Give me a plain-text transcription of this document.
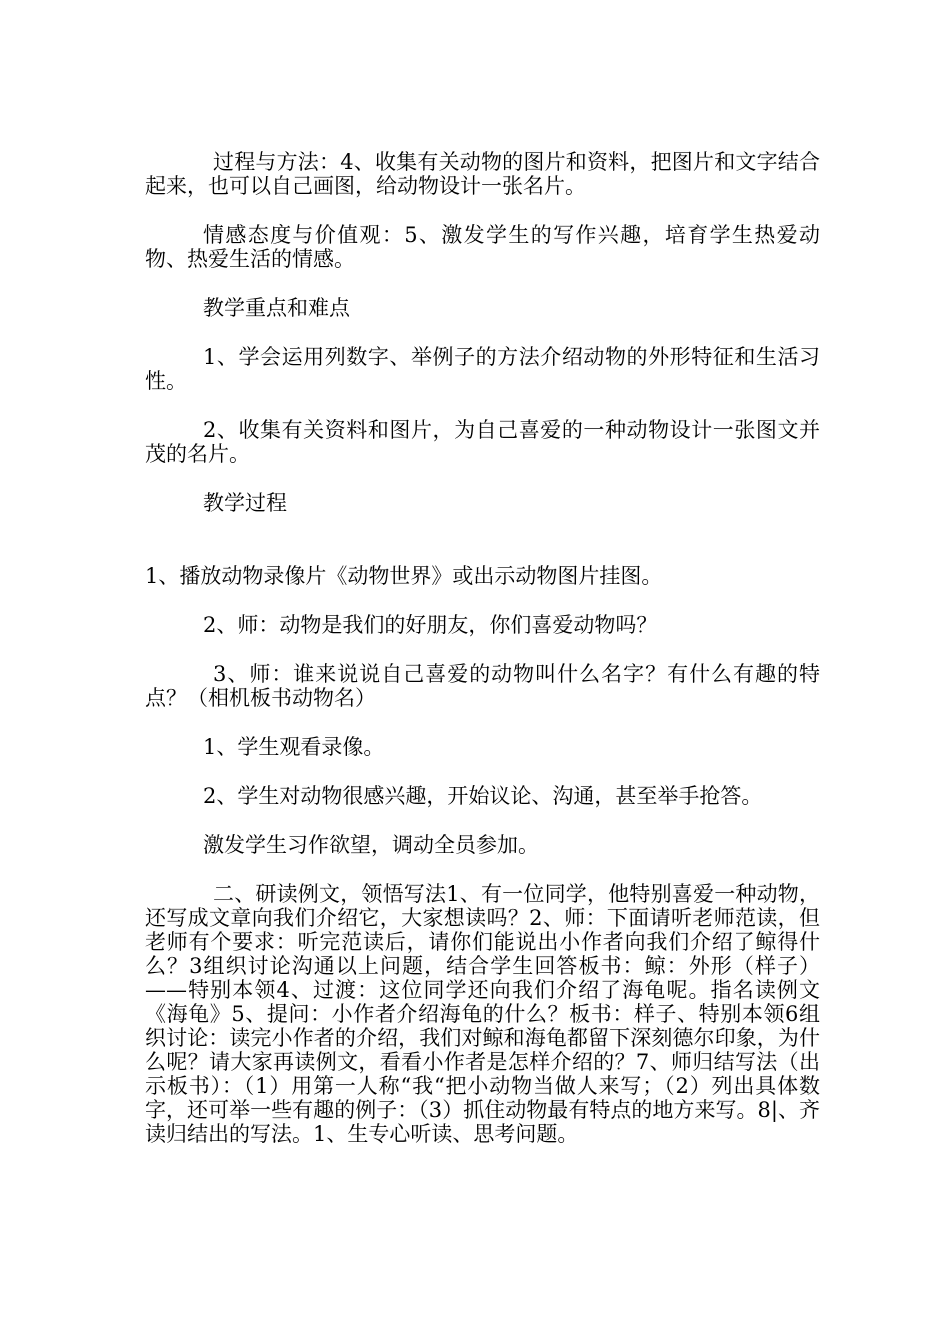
过程与方法：4、收集有关动物的图片和资料，把图片和文字结合起来，也可以自己画图，给动物设计一张名片。

情感态度与价值观：5、激发学生的写作兴趣，培育学生热爱动物、热爱生活的情感。

教学重点和难点

1、学会运用列数字、举例子的方法介绍动物的外形特征和生活习性。

2、收集有关资料和图片，为自己喜爱的一种动物设计一张图文并茂的名片。

教学过程

1、播放动物录像片《动物世界》或出示动物图片挂图。

2、师：动物是我们的好朋友，你们喜爱动物吗？

3、师：谁来说说自己喜爱的动物叫什么名字？有什么有趣的特点？（相机板书动物名）

1、学生观看录像。

2、学生对动物很感兴趣，开始议论、沟通，甚至举手抢答。

激发学生习作欲望，调动全员参加。

二、研读例文，领悟写法1、有一位同学，他特别喜爱一种动物，还写成文章向我们介绍它，大家想读吗？2、师：下面请听老师范读，但老师有个要求：听完范读后，请你们能说出小作者向我们介绍了鲸得什么？3组织讨论沟通以上问题，结合学生回答板书：鲸：外形（样子）——特别本领4、过渡：这位同学还向我们介绍了海龟呢。指名读例文《海龟》5、提问：小作者介绍海龟的什么？板书：样子、特别本领6组织讨论：读完小作者的介绍，我们对鲸和海龟都留下深刻德尔印象，为什么呢？请大家再读例文，看看小作者是怎样介绍的？7、师归结写法（出示板书）：（1）用第一人称“我“把小动物当做人来写；（2）列出具体数字，还可举一些有趣的例子：（3）抓住动物最有特点的地方来写。8|、齐读归结出的写法。1、生专心听读、思考问题。
